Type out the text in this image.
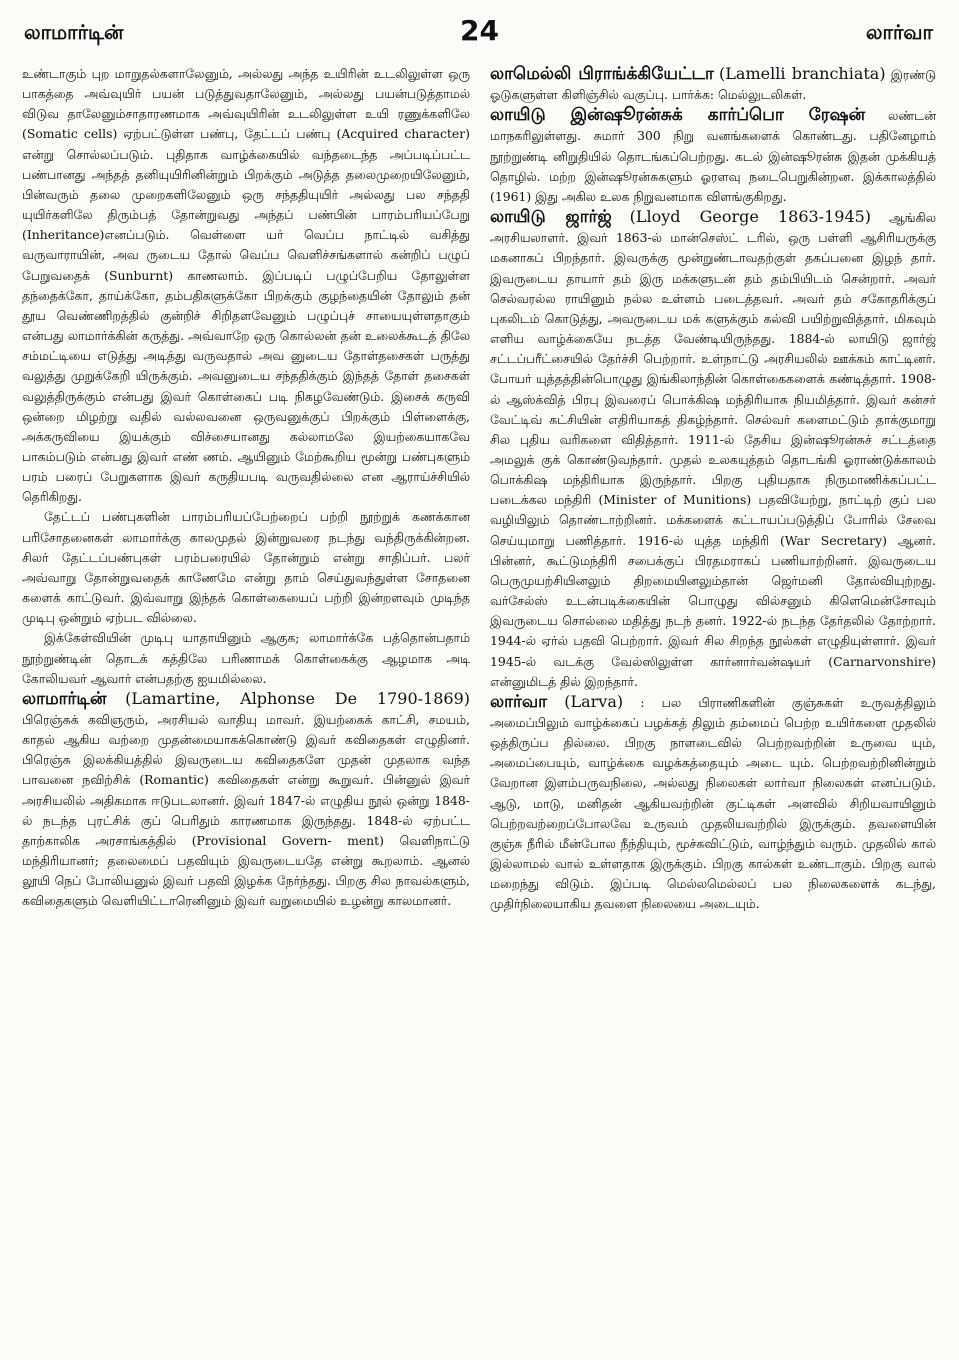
லாமார்டின்	24	லார்வா

உண்டாகும் புற மாறுதல்களாலேனும், அல்லது அந்த உயிரின் உடலிலுள்ள ஒரு பாகத்தை அவ்வுயிர் பயன் படுத்துவதாலேனும், அல்லது பயன்படுத்தாமல் விடுவ தாலேனும்சாதாரணமாக அவ்வுயிரின் உடலிலுள்ள உயி ரணுக்களிலே (Somatic cells) ஏற்பட்டுள்ள பண்பு, தேட்டப் பண்பு (Acquired character) என்று சொல்லப்படும். புதிதாக வாழ்க்கையில் வந்தடைந்த அப்படிப்பட்ட பண்பானது அந்தத் தனியுயிரினின்றும் பிறக்கும் அடுத்த தலைமுறையிலேனும், பின்வரும் தலை முறைகளிலேனும் ஒரு சந்ததியுயிர் அல்லது பல சந்ததி யுயிர்களிலே திரும்பத் தோன்றுவது அந்தப் பண்பின் பாரம்பரியப்பேறு (Inheritance)எனப்படும். வெள்ளை யர் வெப்ப நாட்டில் வசித்து வருவாராயின், அவ ருடைய தோல் வெப்ப வெளிச்சங்களால் கன்றிப் பழுப் பேறுவதைக் (Sunburnt) காணலாம். இப்படிப் பழுப்பேறிய தோலுள்ள தந்தைக்கோ, தாய்க்கோ, தம்பதிகளுக்கோ பிறக்கும் குழந்தையின் தோலும் தன் தூய வெண்ணிறத்தில் குன்றிச் சிறிதளவேனும் பழுப்புச் சாயையுள்ளதாகும் என்பது லாமார்க்கின் கருத்து. அவ்வாறே ஒரு கொல்லன் தன் உலைக்கூடத் திலே சம்மட்டியை எடுத்து அடித்து வருவதால் அவ னுடைய தோள்தசைகள் பருத்து வலுத்து முறுக்கேறி யிருக்கும். அவனுடைய சந்ததிக்கும் இந்தத் தோள் தசைகள் வலுத்திருக்கும் என்பது இவர் கொள்கைப் படி நிகழவேண்டும். இசைக் கருவி ஒன்றை மிழற்று வதில் வல்லவனை ஒருவனுக்குப் பிறக்கும் பிள்ளைக்கு, அக்கருவியை இயக்கும் விச்சையானது கல்லாமலே இயற்கையாகவே பாகம்படும் என்பது இவர் எண் ணம். ஆயினும் மேற்கூறிய மூன்று பண்புகளும் பரம் பரைப் பேறுகளாக இவர் கருதியபடி வருவதில்லை என ஆராய்ச்சியில் தெரிகிறது.

தேட்டப் பண்புகளின் பாரம்பரியப்பேற்றைப் பற்றி நூற்றுக் கணக்கான பரிசோதனைகள் லாமார்க்கு காலமுதல் இன்றுவரை நடந்து வந்திருக்கின்றன. சிலர் தேட்டப்பண்புகள் பரம்பரையில் தோன்றும் என்று சாதிப்பர். பலர் அவ்வாறு தோன்றுவதைக் காணேமே என்று தாம் செய்துவந்துள்ள சோதனை களைக் காட்டுவர். இவ்வாறு இந்தக் கொள்கையைப் பற்றி இன்றளவும் முடிந்த முடிபு ஒன்றும் ஏற்பட வில்லை.

இக்கேள்வியின் முடிபு யாதாயினும் ஆகுக; லாமார்க்கே பத்தொன்பதாம் நூற்றுண்டின் தொடக் கத்திலே பரிணாமக் கொள்கைக்கு ஆழமாக அடி கோலியவர் ஆவார் என்பதற்கு ஐயமில்லை.

லாமார்டின் (Lamartine, Alphonse De 1790-1869) பிரெஞ்சுக் கவிஞரும், அரசியல் வாதியு மாவர். இயற்கைக் காட்சி, சமயம், காதல் ஆகிய வற்றை முதன்மையாகக்கொண்டு இவர் கவிதைகள் எழுதினர். பிரெஞ்சு இலக்கியத்தில் இவருடைய கவிதைகளே முதன் முதலாக வந்த பாவனை நவிற்சிக் (Romantic) கவிதைகள் என்று கூறுவர். பின்னுல் இவர் அரசியலில் அதிகமாக ஈடுபடலானர். இவர் 1847-ல் எழுதிய நூல் ஒன்று 1848-ல் நடந்த புரட்சிக் குப் பெரிதும் காரணமாக இருந்தது. 1848-ல் ஏற்பட்ட தாற்காலிக அரசாங்கத்தில் (Provisional Govern- ment) வெளிநாட்டு மந்திரியானர்; தலைமைப் பதவியும் இவருடையதே என்று கூறலாம். ஆனல் லூயி நெப் போலியனுல் இவர் பதவி இழக்க நேர்ந்தது. பிறகு சில நாவல்களும், கவிதைகளும் வெளியிட்டாரெனினும் இவர் வறுமையில் உழன்று காலமானர்.

லாமெல்லி பிராங்க்கியேட்டா (Lamelli branchiata) இரண்டு ஓடுகளுள்ள கிளிஞ்சில் வகுப்பு. பார்க்க: மெல்லுடலிகள்.

லாயிடு இன்ஷூரன்சுக் கார்ப்பொ ரேஷன் லண்டன் மாநகரிலுள்ளது. சுமார் 300 நிறு வனங்களைக் கொண்டது. பதினேழாம் நூற்றுண்டி னிறுதியில் தொடங்கப்பெற்றது. கடல் இன்ஷூரன்சு இதன் முக்கியத் தொழில். மற்ற இன்ஷூரன்சுகளும் ஓரளவு நடைபெறுகின்றன. இக்காலத்தில் (1961) இது அகில உலக நிறுவனமாக விளங்குகிறது.

லாயிடு ஜார்ஜ் (Lloyd George 1863-1945) ஆங்கில அரசியலாளர். இவர் 1863-ல் மான்செஸ்ட் டரில், ஒரு பள்ளி ஆசிரியருக்கு மகனாகப் பிறந்தார். இவருக்கு மூன்றுண்டாவதற்குள் தகப்பனை இழந் தார். இவருடைய தாயார் தம் இரு மக்களுடன் தம் தம்பியிடம் சென்றார். அவர் செல்வரல்ல ராயினும் நல்ல உள்ளம் படைத்தவர். அவர் தம் சகோதரிக்குப் புகலிடம் கொடுத்து, அவருடைய மக் களுக்கும் கல்வி பயிற்றுவித்தார். மிகவும் எளிய வாழ்க்கையே நடத்த வேண்டியிருந்தது. 1884-ல் லாயிடு ஜார்ஜ் சட்டப்பரீட்சையில் தேர்ச்சி பெற்றார். உள்நாட்டு அரசியலில் ஊக்கம் காட்டினர். போயர் யுத்தத்தின்பொழுது இங்கிலாந்தின் கொள்கைகளைக் கண்டித்தார். 1908-ல் ஆஸ்க்வித் பிரபு இவரைப் பொக்கிஷ மந்திரியாக நியமித்தார். இவர் கன்சர் வேட்டிவ் கட்சியின் எதிரியாகத் திகழ்ந்தார். செல்வர் களைமட்டும் தாக்குமாறு சில புதிய வரிகளை விதித்தார். 1911-ல் தேசிய இன்ஷூரன்சுச் சட்டத்தை அமலுக் குக் கொண்டுவந்தார். முதல் உலகயுத்தம் தொடங்கி ஓராண்டுக்காலம் பொக்கிஷ மந்திரியாக இருந்தார். பிறகு புதியதாக நிருமாணிக்கப்பட்ட படைக்கல மந்திரி (Minister of Munitions) பதவியேற்று, நாட்டிற் குப் பல வழியிலும் தொண்டாற்றினர். மக்களைக் கட்டாயப்படுத்திப் போரில் சேவை செய்யுமாறு பணித்தார். 1916-ல் யுத்த மந்திரி (War Secretary) ஆனர். பின்னர், கூட்டுமந்திரி சபைக்குப் பிரதமராகப் பணியாற்றினர். இவருடைய பெருமுயற்சியினலும் திறமையினலும்தான் ஜெர்மனி தோல்வியுற்றது. வர்சேல்ஸ் உடன்படிக்கையின் பொழுது வில்சனும் கிளெமென்சோவும் இவருடைய சொல்லை மதித்து நடந் தனர். 1922-ல் நடந்த தேர்தலில் தோற்றார். 1944-ல் ஏர்ல் பதவி பெற்றார். இவர் சில சிறந்த நூல்கள் எழுதியுள்ளார். இவர் 1945-ல் வடக்கு வேல்ஸிலுள்ள கார்னார்வன்ஷயர் (Carnarvonshire) என்னுமிடத் தில் இறந்தார்.

லார்வா (Larva) : பல பிராணிகளின் குஞ்சுகள் உருவத்திலும் அமைப்பிலும் வாழ்க்கைப் பழக்கத் திலும் தம்மைப் பெற்ற உயிர்களை முதலில் ஒத்திருப்ப தில்லை. பிறகு நாளடைவில் பெற்றவற்றின் உருவை யும், அமைப்பையும், வாழ்க்கை வழக்கத்தையும் அடை யும். பெற்றவற்றினின்றும் வேறான இளம்பருவநிலை, அல்லது நிலைகள் லார்வா நிலைகள் எனப்படும். ஆடு, மாடு, மனிதன் ஆகியவற்றின் குட்டிகள் அளவில் சிறியவாயினும் பெற்றவற்றைப்போலவே உருவம் முதலியவற்றில் இருக்கும். தவளையின் குஞ்சு நீரில் மீன்போல நீந்தியும், மூச்சுவிட்டும், வாழ்ந்தும் வரும். முதலில் கால் இல்லாமல் வால் உள்ளதாக இருக்கும். பிறகு கால்கள் உண்டாகும். பிறகு வால் மறைந்து விடும். இப்படி மெல்லமெல்லப் பல நிலைகளைக் கடந்து, முதிர்நிலையாகிய தவளை நிலையை அடையும்.
